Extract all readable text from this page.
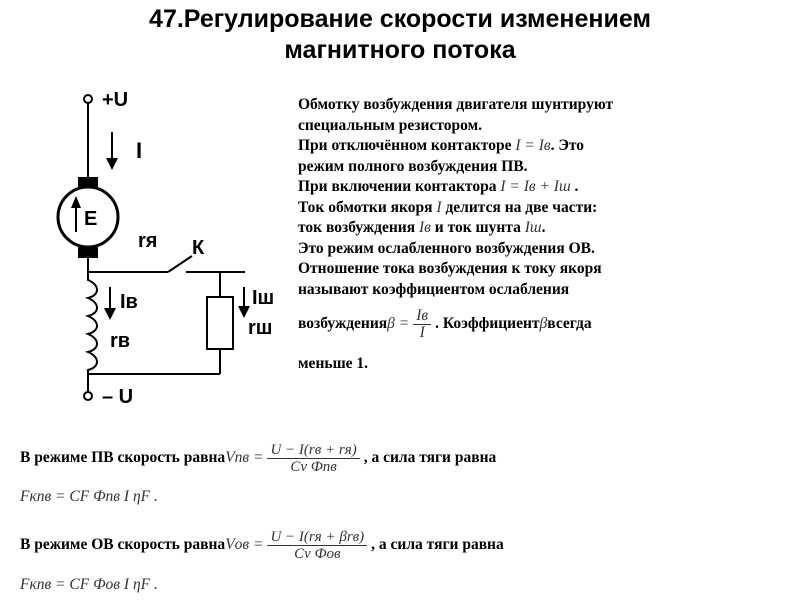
47.Регулирование скорости изменением
магнитного потока
+U
I
E
rя К
Iш
rш
Iв
rв
– U
Обмотку возбуждения двигателя шунтируют
специальным резистором.
При отключённом контакторе I = Iв. Это
режим полного возбуждения ПВ.
При включении контактора I = Iв + Iш .
Ток обмотки якоря I делится на две части:
ток возбуждения Iв и ток шунта Iш.
Это режим ослабленного возбуждения ОВ.
Отношение тока возбуждения к току якоря
называют коэффициентом ослабления
возбуждения $\beta = \frac{Iв}{I}$ . Коэффициент β всегда
меньше 1.
В режиме ПВ скорость равна Vпв = $\frac{U - I(rв + rя)}{\text{Cv Фпв}}$ , а сила тяги равна
Fкпв = CF Фпв I ηF .
В режиме ОВ скорость равна Vов = $\frac{\text{U − I(rя + βrв)}}{\text{Cv Фов}}$ , а сила тяги равна
Fкпв = CF Фов I ηF .
